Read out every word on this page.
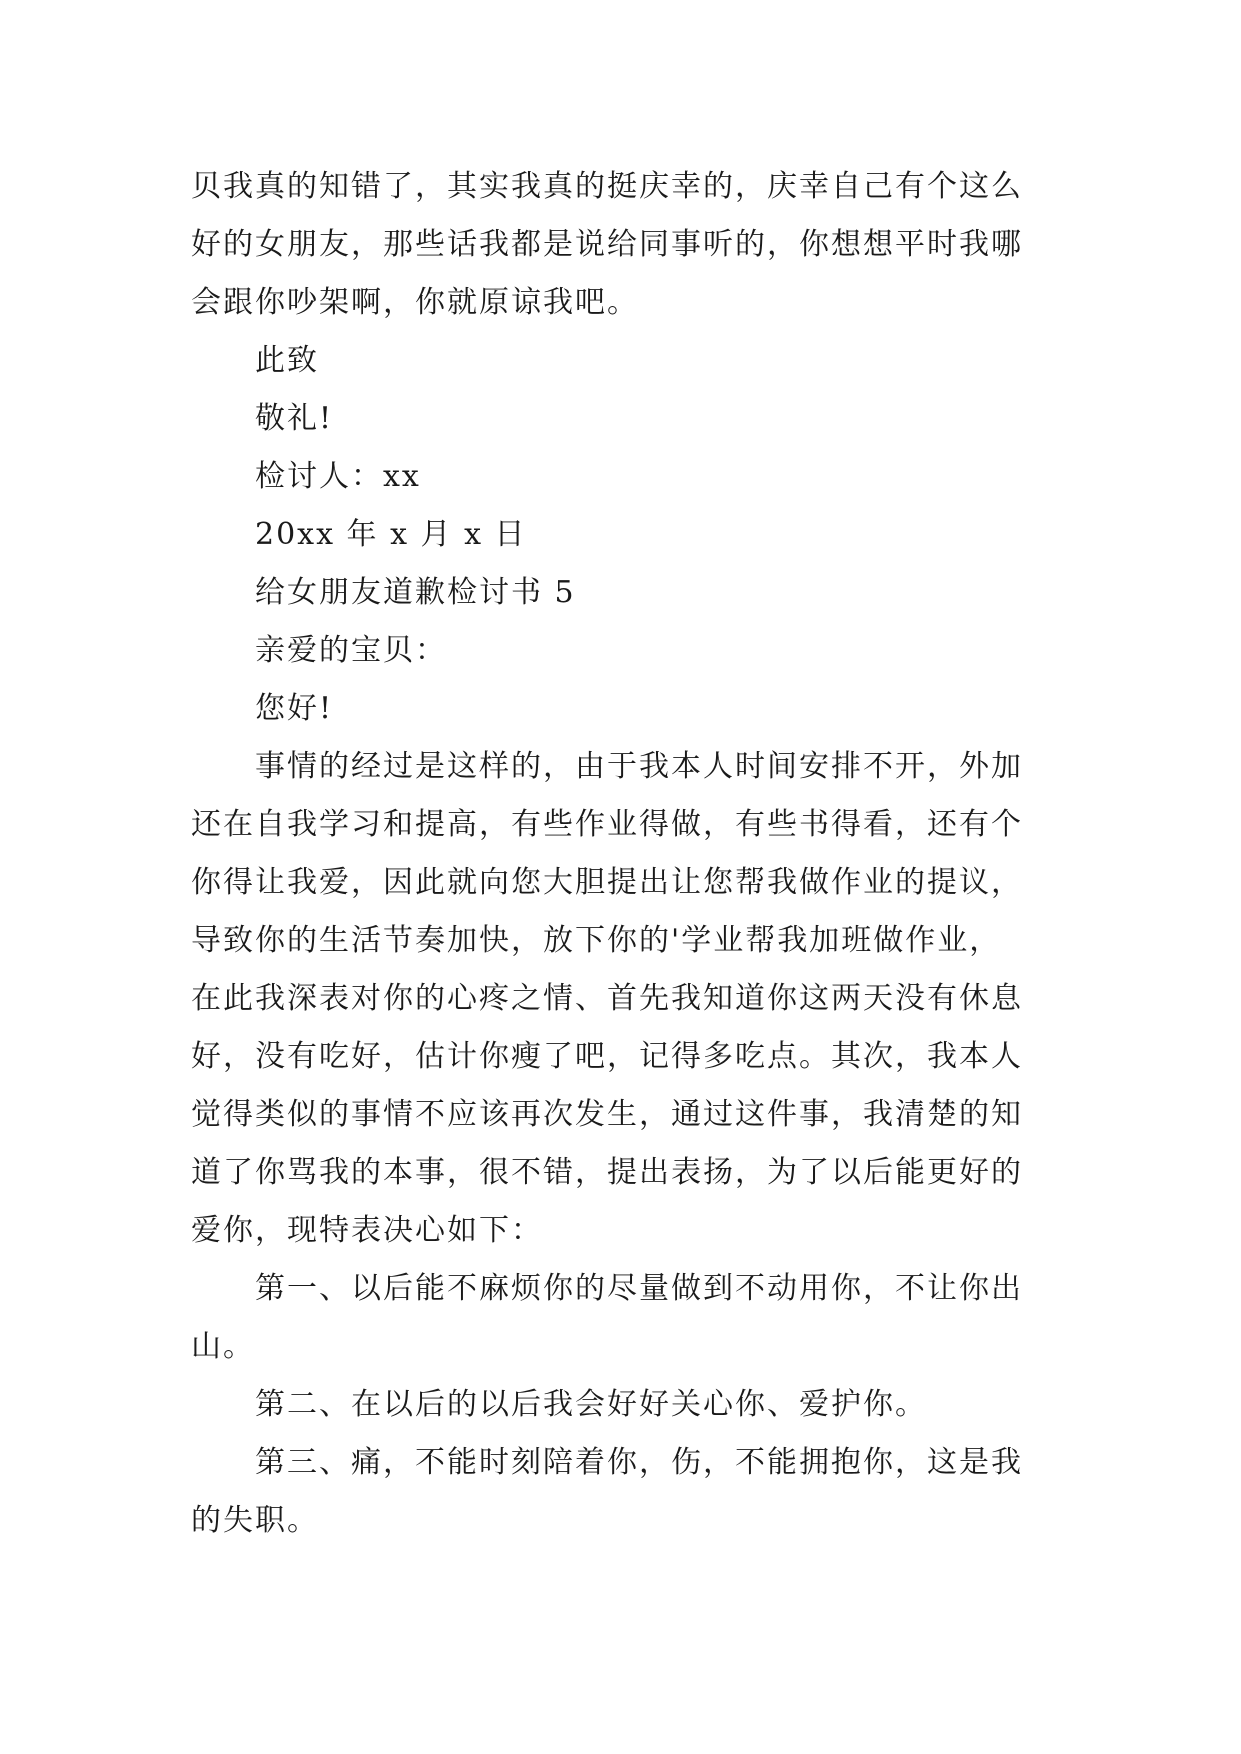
贝我真的知错了，其实我真的挺庆幸的，庆幸自己有个这么
好的女朋友，那些话我都是说给同事听的，你想想平时我哪
会跟你吵架啊，你就原谅我吧。
此致
敬礼!
检讨人：xx
20xx 年 x 月 x 日
给女朋友道歉检讨书 5
亲爱的宝贝：
您好!
事情的经过是这样的，由于我本人时间安排不开，外加
还在自我学习和提高，有些作业得做，有些书得看，还有个
你得让我爱，因此就向您大胆提出让您帮我做作业的提议，
导致你的生活节奏加快，放下你的'学业帮我加班做作业，
在此我深表对你的心疼之情、首先我知道你这两天没有休息
好，没有吃好，估计你瘦了吧，记得多吃点。其次，我本人
觉得类似的事情不应该再次发生，通过这件事，我清楚的知
道了你骂我的本事，很不错，提出表扬，为了以后能更好的
爱你，现特表决心如下：
第一、以后能不麻烦你的尽量做到不动用你，不让你出
山。
第二、在以后的以后我会好好关心你、爱护你。
第三、痛，不能时刻陪着你，伤，不能拥抱你，这是我
的失职。
